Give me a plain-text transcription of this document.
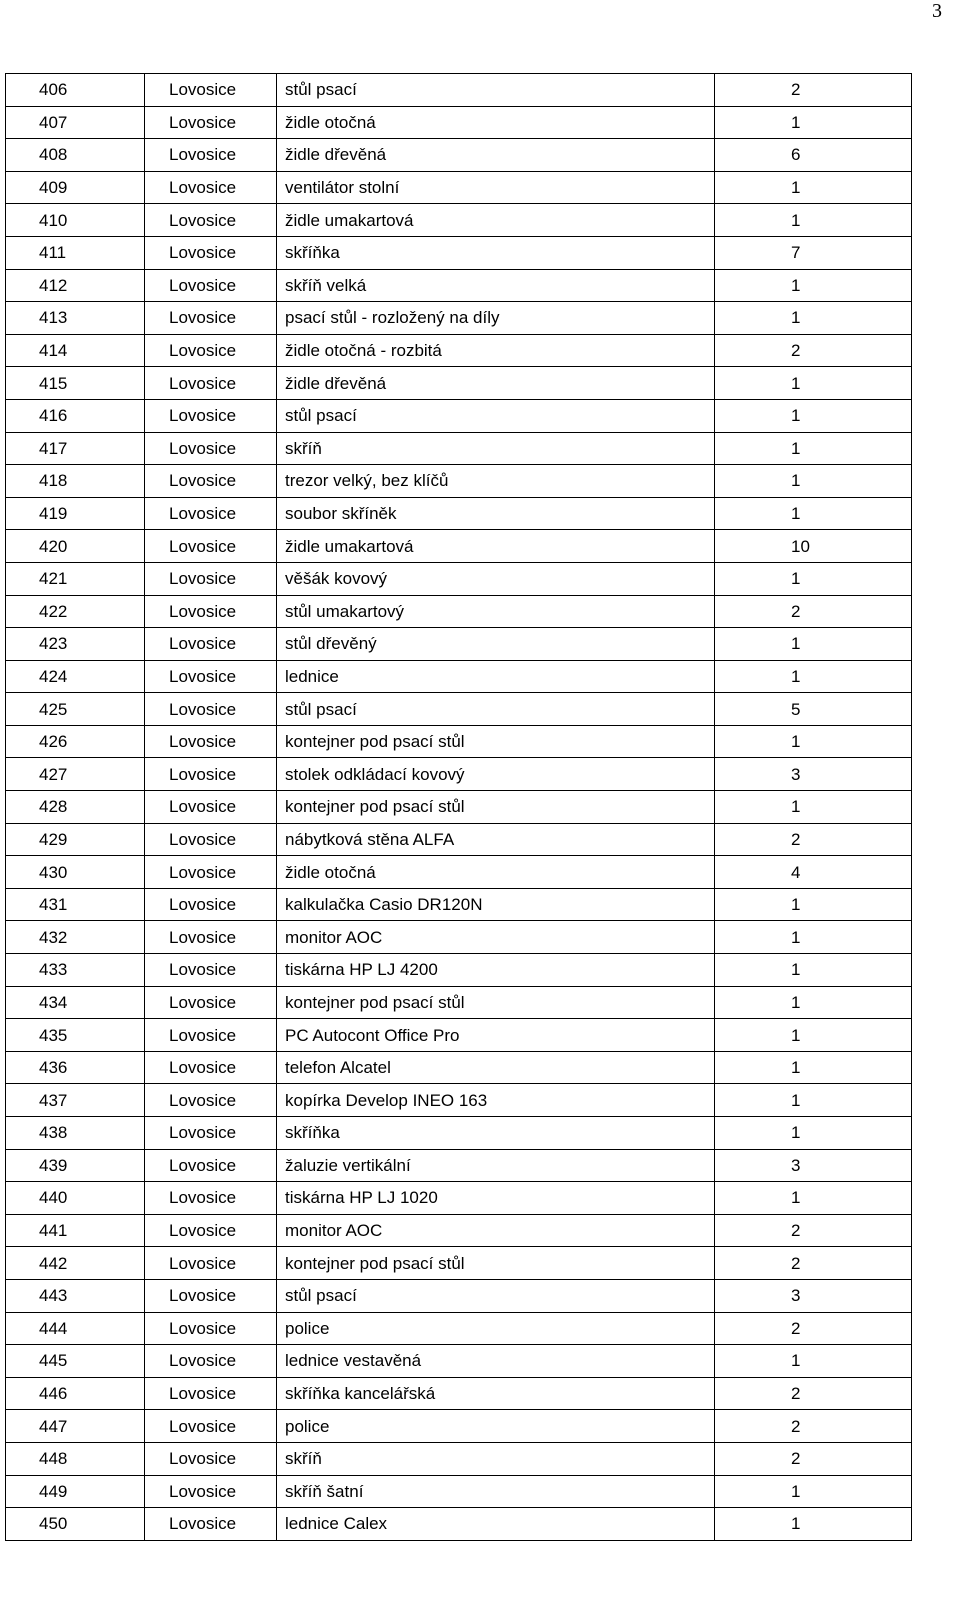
3
406	Lovosice	stůl psací	2
407	Lovosice	židle otočná	1
408	Lovosice	židle dřevěná	6
409	Lovosice	ventilátor stolní	1
410	Lovosice	židle umakartová	1
411	Lovosice	skříňka	7
412	Lovosice	skříň velká	1
413	Lovosice	psací stůl - rozložený na díly	1
414	Lovosice	židle otočná - rozbitá	2
415	Lovosice	židle dřevěná	1
416	Lovosice	stůl psací	1
417	Lovosice	skříň	1
418	Lovosice	trezor velký, bez klíčů	1
419	Lovosice	soubor skříněk	1
420	Lovosice	židle umakartová	10
421	Lovosice	věšák kovový	1
422	Lovosice	stůl umakartový	2
423	Lovosice	stůl dřevěný	1
424	Lovosice	lednice	1
425	Lovosice	stůl psací	5
426	Lovosice	kontejner pod psací stůl	1
427	Lovosice	stolek odkládací kovový	3
428	Lovosice	kontejner pod psací stůl	1
429	Lovosice	nábytková stěna ALFA	2
430	Lovosice	židle otočná	4
431	Lovosice	kalkulačka Casio DR120N	1
432	Lovosice	monitor AOC	1
433	Lovosice	tiskárna HP LJ 4200	1
434	Lovosice	kontejner pod psací stůl	1
435	Lovosice	PC Autocont Office Pro	1
436	Lovosice	telefon Alcatel	1
437	Lovosice	kopírka Develop INEO 163	1
438	Lovosice	skříňka	1
439	Lovosice	žaluzie vertikální	3
440	Lovosice	tiskárna HP LJ 1020	1
441	Lovosice	monitor AOC	2
442	Lovosice	kontejner pod psací stůl	2
443	Lovosice	stůl psací	3
444	Lovosice	police	2
445	Lovosice	lednice vestavěná	1
446	Lovosice	skříňka kancelářská	2
447	Lovosice	police	2
448	Lovosice	skříň	2
449	Lovosice	skříň šatní	1
450	Lovosice	lednice Calex	1
